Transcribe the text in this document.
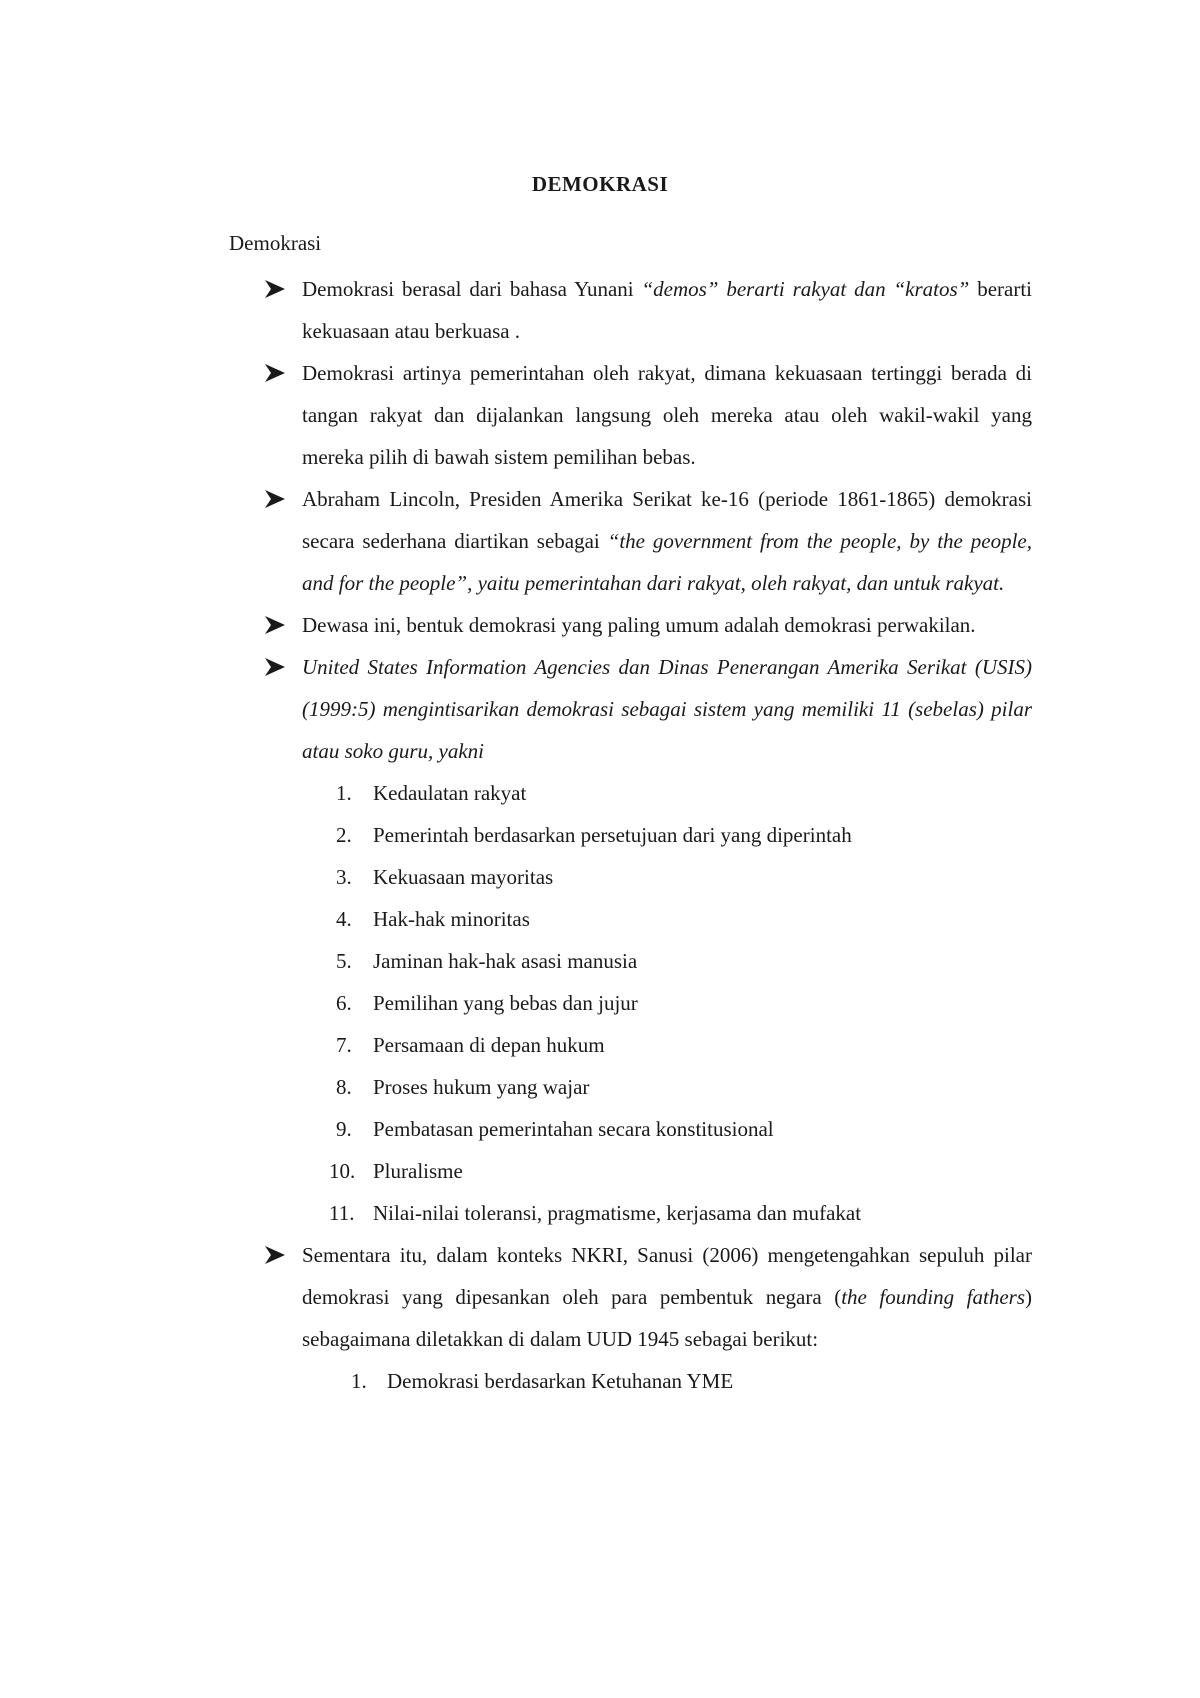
DEMOKRASI
Demokrasi
Demokrasi berasal dari bahasa Yunani “demos” berarti rakyat dan “kratos” berarti kekuasaan atau berkuasa .
Demokrasi artinya pemerintahan oleh rakyat, dimana kekuasaan tertinggi berada di tangan rakyat dan dijalankan langsung oleh mereka atau oleh wakil-wakil yang mereka pilih di bawah sistem pemilihan bebas.
Abraham Lincoln, Presiden Amerika Serikat ke-16 (periode 1861-1865) demokrasi secara sederhana diartikan sebagai “the government from the people, by the people, and for the people”, yaitu pemerintahan dari rakyat, oleh rakyat, dan untuk rakyat.
Dewasa ini, bentuk demokrasi yang paling umum adalah demokrasi perwakilan.
United States Information Agencies dan Dinas Penerangan Amerika Serikat (USIS) (1999:5) mengintisarikan demokrasi sebagai sistem yang memiliki 11 (sebelas) pilar atau soko guru, yakni
1. Kedaulatan rakyat
2. Pemerintah berdasarkan persetujuan dari yang diperintah
3. Kekuasaan mayoritas
4. Hak-hak minoritas
5. Jaminan hak-hak asasi manusia
6. Pemilihan yang bebas dan jujur
7. Persamaan di depan hukum
8. Proses hukum yang wajar
9. Pembatasan pemerintahan secara konstitusional
10. Pluralisme
11. Nilai-nilai toleransi, pragmatisme, kerjasama dan mufakat
Sementara itu, dalam konteks NKRI, Sanusi (2006) mengetengahkan sepuluh pilar demokrasi yang dipesankan oleh para pembentuk negara (the founding fathers) sebagaimana diletakkan di dalam UUD 1945 sebagai berikut:
1. Demokrasi berdasarkan Ketuhanan YME
